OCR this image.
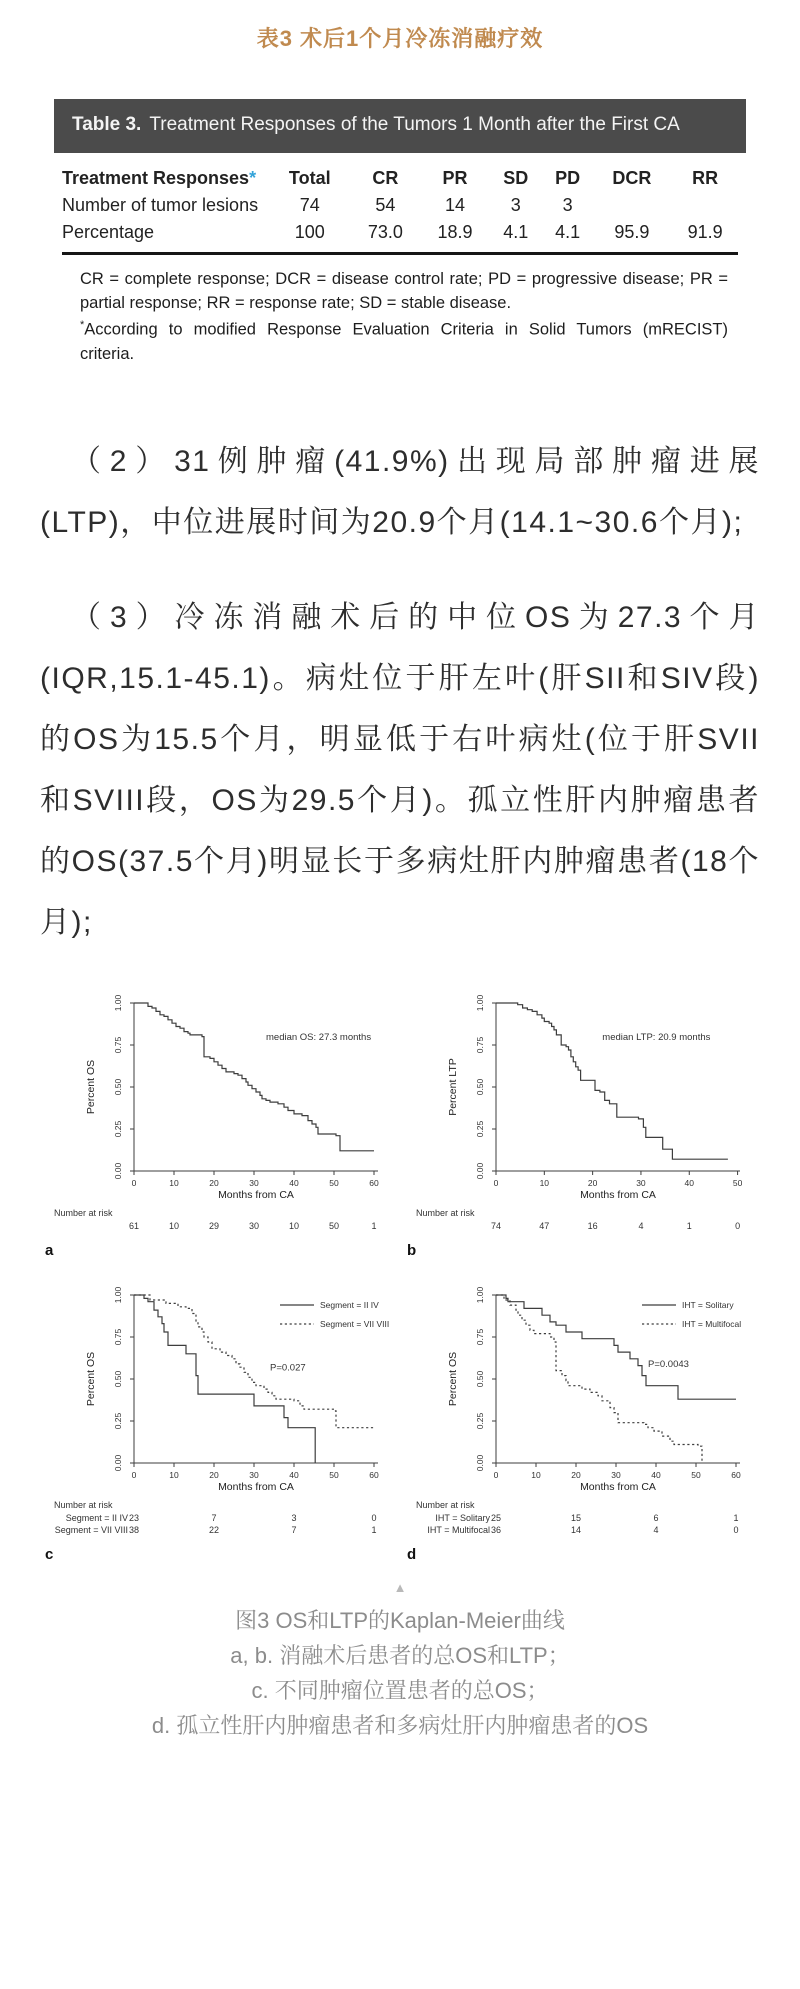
表3 术后1个月冷冻消融疗效
Table 3. Treatment Responses of the Tumors 1 Month after the First CA
Treatment Responses*	Total	CR	PR	SD	PD	DCR	RR
Number of tumor lesions	74	54	14	3	3		
Percentage	100	73.0	18.9	4.1	4.1	95.9	91.9

CR = complete response; DCR = disease control rate; PD = progressive disease; PR = partial response; RR = response rate; SD = stable disease.

*According to modified Response Evaluation Criteria in Solid Tumors (mRECIST) criteria.

（2）31例肿瘤(41.9%)出现局部肿瘤进展(LTP)，中位进展时间为20.9个月(14.1~30.6个月);

（3）冷冻消融术后的中位OS为27.3个月(IQR,15.1-45.1)。病灶位于肝左叶(肝SII和SIV段)的OS为15.5个月，明显低于右叶病灶(位于肝SVII和SVIII段，OS为29.5个月)。孤立性肝内肿瘤患者的OS(37.5个月)明显长于多病灶肝内肿瘤患者(18个月);

1.00
0.75
0.50
0.25
0.00
0	10	20	30	40	50	60
Months from CA
Percent OS
median OS: 27.3 months
Number at risk
61	10	29	30	10	50	1
a
1.00
0.75
0.50
0.25
0.00
0	10	20	30	40	50
Months from CA
Percent LTP
median LTP: 20.9 months
Number at risk
74	47	16	4	1	0
b
1.00
0.75
0.50
0.25
0.00
0	10	20	30	40	50	60
Months from CA
Percent OS
Segment = II IV
Segment = VII VIII
P=0.027
Number at risk
Segment = II IV 23	7	3	0
Segment = VII VIII 38	22	7	1
c
1.00
0.75
0.50
0.25
0.00
0	10	20	30	40	50	60
Months from CA
Percent OS
IHT = Solitary
IHT = Multifocal
P=0.0043
Number at risk
IHT = Solitary 25	15	6	1
IHT = Multifocal 36	14	4	0
d
▲
图3 OS和LTP的Kaplan-Meier曲线
a, b. 消融术后患者的总OS和LTP；
c. 不同肿瘤位置患者的总OS；
d. 孤立性肝内肿瘤患者和多病灶肝内肿瘤患者的OS
